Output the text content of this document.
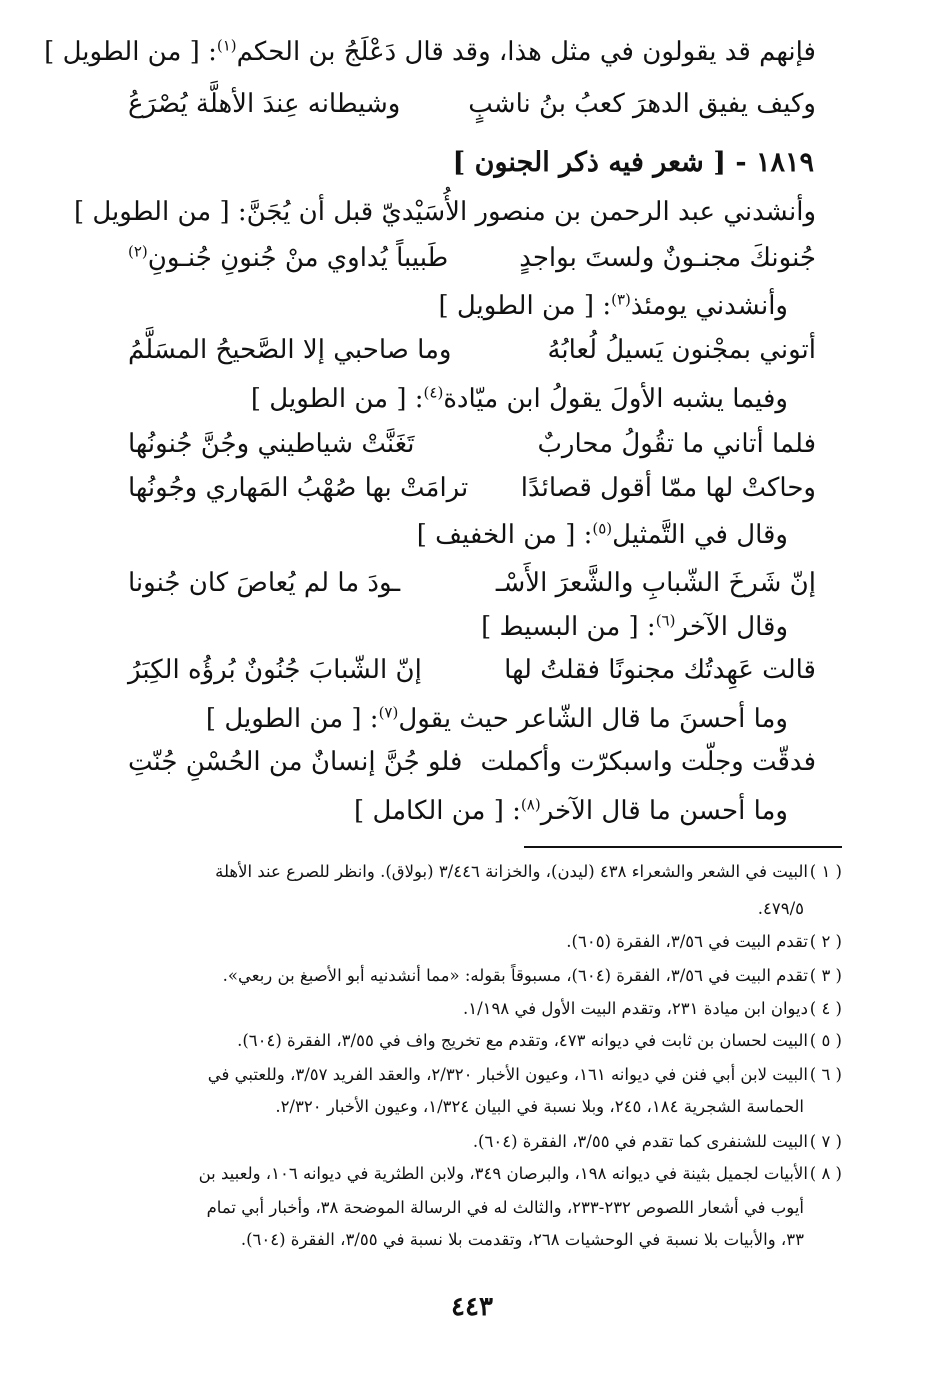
فإنهم قد يقولون في مثل هذا، وقد قال دَعْلَجُ بن الحكم$^{(١)}$: [ من الطويل ]
وكيف يفيق الدهرَ كعبُ بنُ ناشبٍ
وشيطانه عِندَ الأهلَّة يُصْرَعُ
١٨١٩ - [ شعر فيه ذكر الجنون ]
وأنشدني عبد الرحمن بن منصور الأُسَيْديّ قبل أن يُجَنَّ: [ من الطويل ]
جُنونكَ مجنـونٌ ولستَ بواجدٍ
طَبيباً يُداوي منْ جُنونِ جُنـونِ$^{(٢)}$
وأنشدني يومئذ$^{(٣)}$: [ من الطويل ]
أتوني بمجْنون يَسيلُ لُعابُهُ
وما صاحبي إلا الصَّحيحُ المسَلَّمُ
وفيما يشبه الأولَ يقولُ ابن ميّادة$^{(٤)}$: [ من الطويل ]
فلما أتاني ما تقُولُ محاربٌ
تَغَنَّتْ شياطيني وجُنَّ جُنونُها
وحاكتْ لها ممّا أقول قصائدًا
ترامَتْ بها صُهْبُ المَهاري وجُونُها
وقال في التَّمثيل$^{(٥)}$: [ من الخفيف ]
إنّ شَرخَ الشّبابِ والشَّعرَ الأَسْـ
ـودَ ما لم يُعاصَ كان جُنونا
وقال الآخر$^{(٦)}$: [ من البسيط ]
قالت عَهِدتُك مجنونًا فقلتُ لها
إنّ الشّبابَ جُنُونٌ بُرؤُه الكِبَرُ
وما أحسنَ ما قال الشّاعر حيث يقول$^{(٧)}$: [ من الطويل ]
فدقّت وجلّت واسبكرّت وأكملت
فلو جُنَّ إنسانٌ من الحُسْنِ جُنّتِ
وما أحسن ما قال الآخر$^{(٨)}$: [ من الكامل ]
( ١ )البيت في الشعر والشعراء ٤٣٨ (ليدن)، والخزانة ٣/٤٤٦ (بولاق). وانظر للصرع عند الأهلة
٤٧٩/٥.
( ٢ )تقدم البيت في ٣/٥٦، الفقرة (٦٠٥).
( ٣ )تقدم البيت في ٣/٥٦، الفقرة (٦٠٤)، مسبوقاً بقوله: «مما أنشدنيه أبو الأصبغ بن ربعي».
( ٤ )ديوان ابن ميادة ٢٣١، وتقدم البيت الأول في ١/١٩٨.
( ٥ )البيت لحسان بن ثابت في ديوانه ٤٧٣، وتقدم مع تخريج واف في ٣/٥٥، الفقرة (٦٠٤).
( ٦ )البيت لابن أبي فنن في ديوانه ١٦١، وعيون الأخبار ٢/٣٢٠، والعقد الفريد ٣/٥٧، وللعتبي في
الحماسة الشجرية ١٨٤، ٢٤٥، وبلا نسبة في البيان ١/٣٢٤، وعيون الأخبار ٢/٣٢٠.
( ٧ )البيت للشنفرى كما تقدم في ٣/٥٥، الفقرة (٦٠٤).
( ٨ )الأبيات لجميل بثينة في ديوانه ١٩٨، والبرصان ٣٤٩، ولابن الطثرية في ديوانه ١٠٦، ولعبيد بن
أيوب في أشعار اللصوص ٢٣٢-٢٣٣، والثالث له في الرسالة الموضحة ٣٨، وأخبار أبي تمام
٣٣، والأبيات بلا نسبة في الوحشيات ٢٦٨، وتقدمت بلا نسبة في ٣/٥٥، الفقرة (٦٠٤).
٤٤٣
